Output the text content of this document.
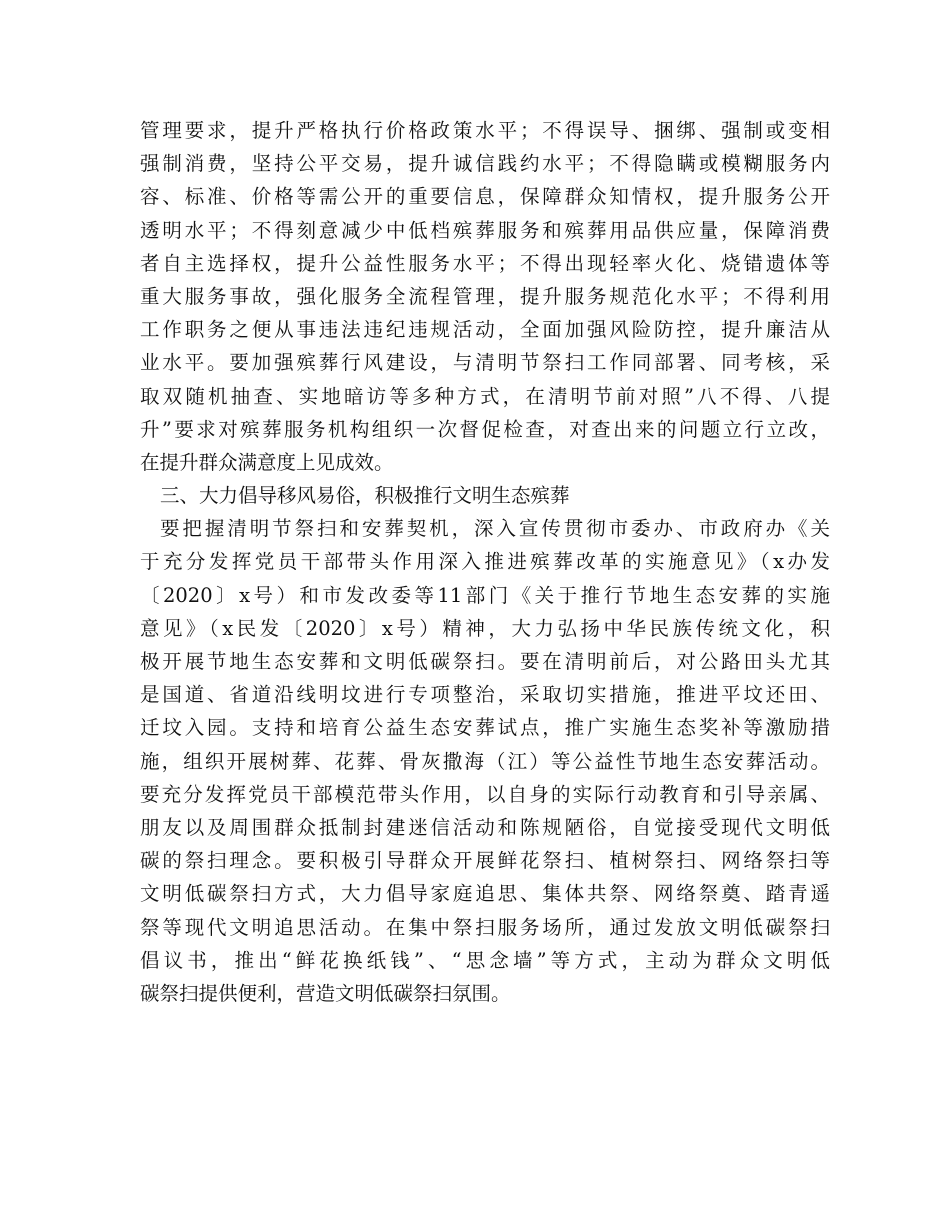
管理要求，提升严格执行价格政策水平；不得误导、捆绑、强制或变相
强制消费，坚持公平交易，提升诚信践约水平；不得隐瞒或模糊服务内
容、标准、价格等需公开的重要信息，保障群众知情权，提升服务公开
透明水平；不得刻意减少中低档殡葬服务和殡葬用品供应量，保障消费
者自主选择权，提升公益性服务水平；不得出现轻率火化、烧错遗体等
重大服务事故，强化服务全流程管理，提升服务规范化水平；不得利用
工作职务之便从事违法违纪违规活动，全面加强风险防控，提升廉洁从
业水平。要加强殡葬行风建设，与清明节祭扫工作同部署、同考核，采
取双随机抽查、实地暗访等多种方式，在清明节前对照”八不得、八提
升”要求对殡葬服务机构组织一次督促检查，对查出来的问题立行立改，
在提升群众满意度上见成效。
三、大力倡导移风易俗，积极推行文明生态殡葬
要把握清明节祭扫和安葬契机，深入宣传贯彻市委办、市政府办《关
于充分发挥党员干部带头作用深入推进殡葬改革的实施意见》（x办发
〔2020〕x号）和市发改委等11部门《关于推行节地生态安葬的实施
意见》（x民发〔2020〕x号）精神，大力弘扬中华民族传统文化，积
极开展节地生态安葬和文明低碳祭扫。要在清明前后，对公路田头尤其
是国道、省道沿线明坟进行专项整治，采取切实措施，推进平坟还田、
迁坟入园。支持和培育公益生态安葬试点，推广实施生态奖补等激励措
施，组织开展树葬、花葬、骨灰撒海（江）等公益性节地生态安葬活动。
要充分发挥党员干部模范带头作用，以自身的实际行动教育和引导亲属、
朋友以及周围群众抵制封建迷信活动和陈规陋俗，自觉接受现代文明低
碳的祭扫理念。要积极引导群众开展鲜花祭扫、植树祭扫、网络祭扫等
文明低碳祭扫方式，大力倡导家庭追思、集体共祭、网络祭奠、踏青遥
祭等现代文明追思活动。在集中祭扫服务场所，通过发放文明低碳祭扫
倡议书，推出“鲜花换纸钱”、“思念墙”等方式，主动为群众文明低
碳祭扫提供便利，营造文明低碳祭扫氛围。
